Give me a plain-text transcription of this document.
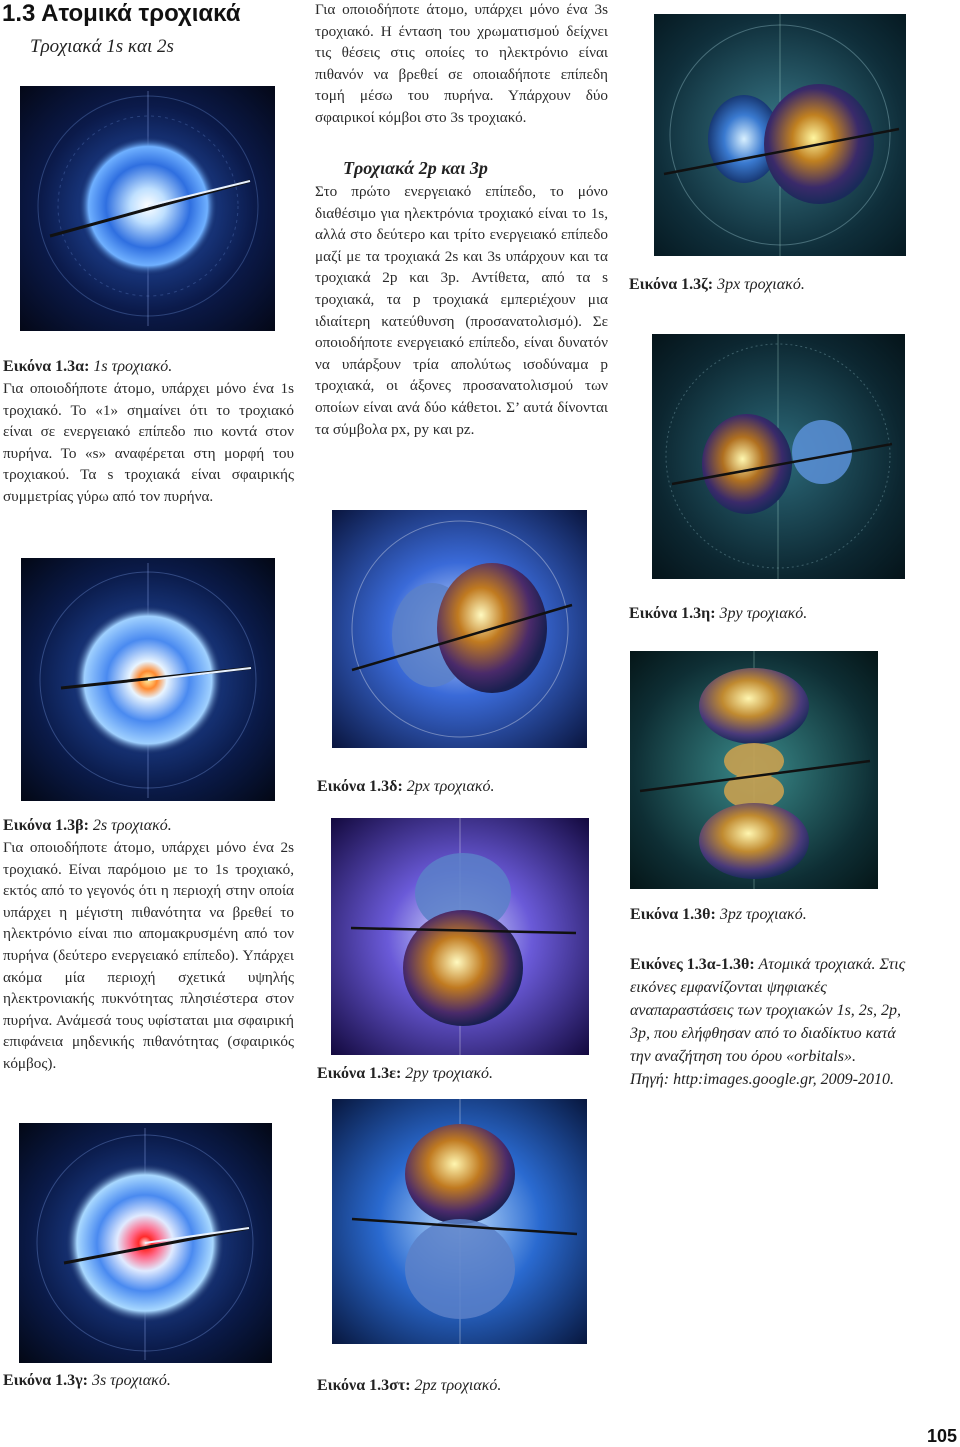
1.3 Ατομικά τροχιακά
Τροχιακά 1s και 2s
Εικόνα 1.3α: 1s τροχιακό.
Για οποιοδήποτε άτομο, υπάρχει μόνο ένα 1s τροχιακό. Το «1» σημαίνει ότι το τροχιακό είναι σε ενεργειακό επίπεδο πιο κοντά στον πυρήνα. Το «s» αναφέρεται στη μορφή του τροχιακού. Τα s τροχιακά είναι σφαιρικής συμμετρίας γύρω από τον πυρήνα.
Για οποιοδήποτε άτομο, υπάρχει μόνο ένα 3s τροχιακό. Η ένταση του χρωματισμού δείχνει τις θέσεις στις οποίες το ηλεκτρόνιο είναι πιθανόν να βρεθεί σε οποιαδήποτε επίπεδη τομή μέσω του πυρήνα. Υπάρχουν δύο σφαιρικοί κόμβοι στο 3s τροχιακό.
Τροχιακά 2p και 3p
Στο πρώτο ενεργειακό επίπεδο, το μόνο διαθέσιμο για ηλεκτρόνια τροχιακό είναι το 1s, αλλά στο δεύτερο και τρίτο ενεργειακό επίπεδο μαζί με τα τροχιακά 2s και 3s υπάρχουν και τα τροχιακά 2p και 3p. Αντίθετα, από τα s τροχιακά, τα p τροχιακά εμπεριέχουν μια ιδιαίτερη κατεύθυνση (προσανατολισμό). Σε οποιοδήποτε ενεργειακό επίπεδο, είναι δυνατόν να υπάρξουν τρία απολύτως ισοδύναμα p τροχιακά, οι άξονες προσανατολισμού των οποίων είναι ανά δύο κάθετοι. Σ’ αυτά δίνονται τα σύμβολα px, py και pz.
Εικόνα 1.3ζ: 3px τροχιακό.
Εικόνα 1.3η: 3py τροχιακό.
Εικόνα 1.3δ: 2px τροχιακό.
Εικόνα 1.3β: 2s τροχιακό.
Για οποιοδήποτε άτομο, υπάρχει μόνο ένα 2s τροχιακό. Είναι παρόμοιο με το 1s τροχιακό, εκτός από το γεγονός ότι η περιοχή στην οποία υπάρχει η μέγιστη πιθανότητα να βρεθεί το ηλεκτρόνιο είναι πιο απομακρυσμένη από τον πυρήνα (δεύτερο ενεργειακό επίπεδο). Υπάρχει ακόμα μία περιοχή σχετικά υψηλής ηλεκτρονιακής πυκνότητας πλησιέστερα στον πυρήνα. Ανάμεσά τους υφίσταται μια σφαιρική επιφάνεια μηδενικής πιθανότητας (σφαιρικός κόμβος).
Εικόνα 1.3θ: 3pz τροχιακό.
Εικόνες 1.3α-1.3θ: Ατομικά τροχιακά. Στις εικόνες εμφανίζονται ψηφιακές αναπαραστάσεις των τροχιακών 1s, 2s, 2p, 3p, που ελήφθησαν από το διαδίκτυο κατά την αναζήτηση του όρου «orbitals».
Πηγή: http:images.google.gr, 2009-2010.
Εικόνα 1.3ε: 2py τροχιακό.
Εικόνα 1.3γ: 3s τροχιακό.	Εικόνα 1.3στ: 2pz τροχιακό.
105
